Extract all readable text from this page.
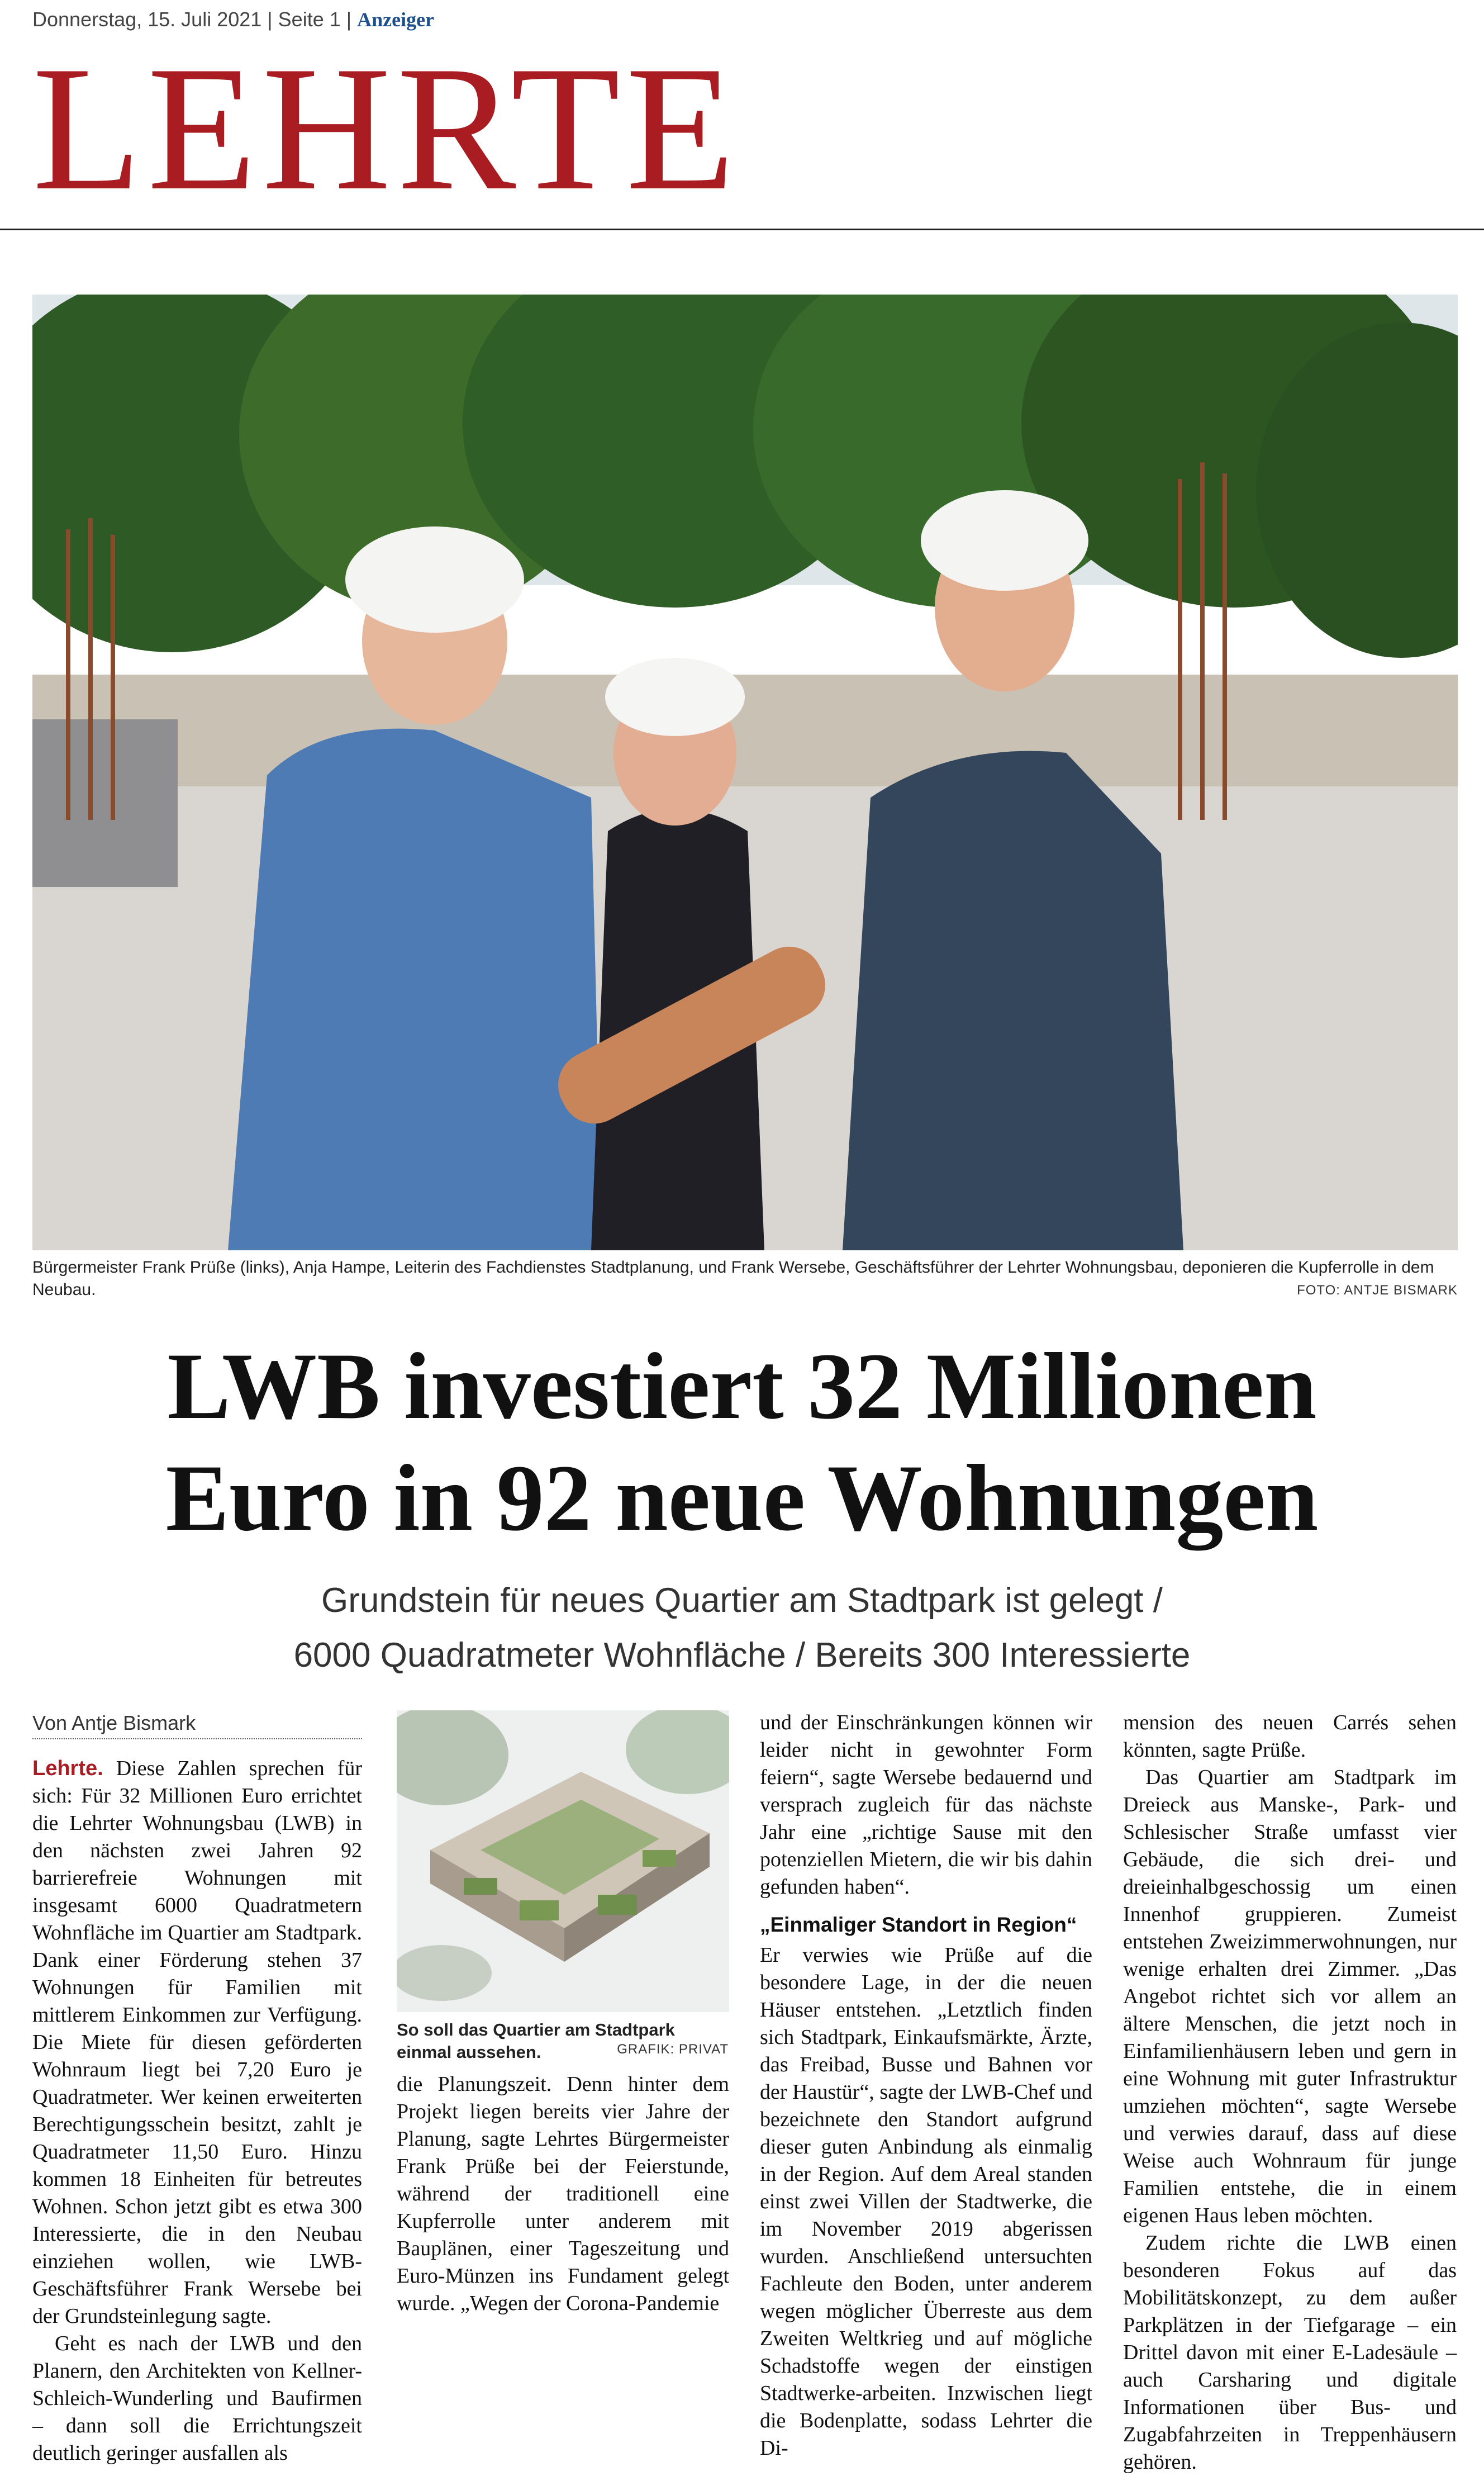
Donnerstag, 15. Juli 2021 | Seite 1 | Anzeiger
LEHRTE
Bürgermeister Frank Prüße (links), Anja Hampe, Leiterin des Fachdienstes Stadtplanung, und Frank Wersebe, Geschäftsführer der Lehrter Wohnungsbau, deponieren die Kupferrolle in dem Neubau.	FOTO: ANTJE BISMARK
LWB investiert 32 Millionen
Euro in 92 neue Wohnungen
Grundstein für neues Quartier am Stadtpark ist gelegt /
6000 Quadratmeter Wohnfläche / Bereits 300 Interessierte
Von Antje Bismark

Lehrte. Diese Zahlen sprechen für sich: Für 32 Millionen Euro errichtet die Lehrter Wohnungsbau (LWB) in den nächsten zwei Jahren 92 barrierefreie Wohnungen mit insgesamt 6000 Quadratmetern Wohnfläche im Quartier am Stadtpark. Dank einer Förderung stehen 37 Wohnungen für Familien mit mittlerem Einkommen zur Verfügung. Die Miete für diesen geförderten Wohnraum liegt bei 7,20 Euro je Quadratmeter. Wer keinen erweiterten Berechtigungsschein besitzt, zahlt je Quadratmeter 11,50 Euro. Hinzu kommen 18 Einheiten für betreutes Wohnen. Schon jetzt gibt es etwa 300 Interessierte, die in den Neubau einziehen wollen, wie LWB-Geschäftsführer Frank Wersebe bei der Grundsteinlegung sagte.

Geht es nach der LWB und den Planern, den Architekten von Kellner-Schleich-Wunderling und Baufirmen – dann soll die Errichtungszeit deutlich geringer ausfallen als

So soll das Quartier am Stadtpark einmal aussehen.	GRAFIK: PRIVAT

die Planungszeit. Denn hinter dem Projekt liegen bereits vier Jahre der Planung, sagte Lehrtes Bürgermeister Frank Prüße bei der Feierstunde, während der traditionell eine Kupferrolle unter anderem mit Bauplänen, einer Tageszeitung und Euro-Münzen ins Fundament gelegt wurde. „Wegen der Corona-Pandemie

und der Einschränkungen können wir leider nicht in gewohnter Form feiern“, sagte Wersebe bedauernd und versprach zugleich für das nächste Jahr eine „richtige Sause mit den potenziellen Mietern, die wir bis dahin gefunden haben“.

„Einmaliger Standort in Region“

Er verwies wie Prüße auf die besondere Lage, in der die neuen Häuser entstehen. „Letztlich finden sich Stadtpark, Einkaufsmärkte, Ärzte, das Freibad, Busse und Bahnen vor der Haustür“, sagte der LWB-Chef und bezeichnete den Standort aufgrund dieser guten Anbindung als einmalig in der Region. Auf dem Areal standen einst zwei Villen der Stadtwerke, die im November 2019 abgerissen wurden. Anschließend untersuchten Fachleute den Boden, unter anderem wegen möglicher Überreste aus dem Zweiten Weltkrieg und auf mögliche Schadstoffe wegen der einstigen Stadtwerke-arbeiten. Inzwischen liegt die Bodenplatte, sodass Lehrter die Di-

mension des neuen Carrés sehen könnten, sagte Prüße.

Das Quartier am Stadtpark im Dreieck aus Manske-, Park- und Schlesischer Straße umfasst vier Gebäude, die sich drei- und dreieinhalbgeschossig um einen Innenhof gruppieren. Zumeist entstehen Zweizimmerwohnungen, nur wenige erhalten drei Zimmer. „Das Angebot richtet sich vor allem an ältere Menschen, die jetzt noch in Einfamilienhäusern leben und gern in eine Wohnung mit guter Infrastruktur umziehen möchten“, sagte Wersebe und verwies darauf, dass auf diese Weise auch Wohnraum für junge Familien entstehe, die in einem eigenen Haus leben möchten.

Zudem richte die LWB einen besonderen Fokus auf das Mobilitätskonzept, zu dem außer Parkplätzen in der Tiefgarage – ein Drittel davon mit einer E-Ladesäule – auch Carsharing und digitale Informationen über Bus- und Zugabfahrzeiten in Treppenhäusern gehören.
